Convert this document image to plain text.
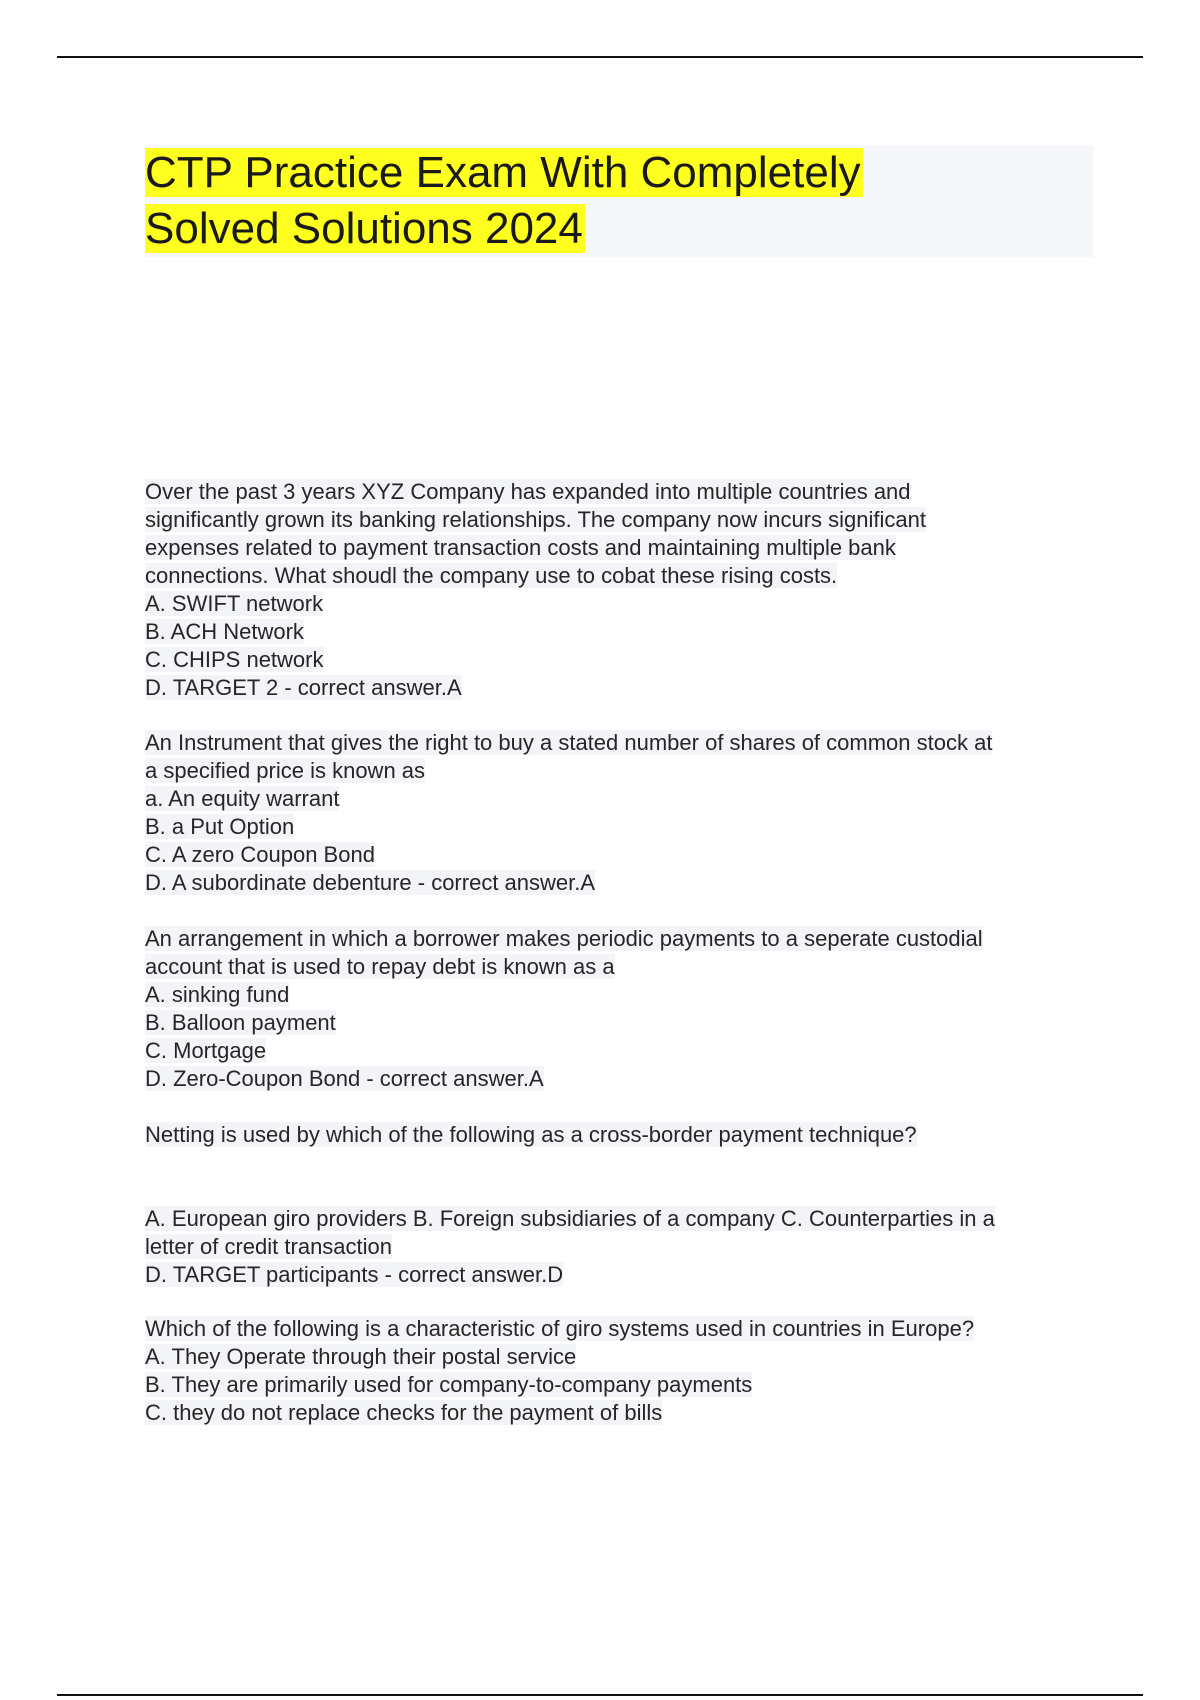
CTP Practice Exam With Completely
Solved Solutions 2024
Over the past 3 years XYZ Company has expanded into multiple countries and
significantly grown its banking relationships. The company now incurs significant
expenses related to payment transaction costs and maintaining multiple bank
connections. What shoudl the company use to cobat these rising costs.
A. SWIFT network
B. ACH Network
C. CHIPS network
D. TARGET 2 - correct answer.A
An Instrument that gives the right to buy a stated number of shares of common stock at
a specified price is known as
a. An equity warrant
B. a Put Option
C. A zero Coupon Bond
D. A subordinate debenture - correct answer.A
An arrangement in which a borrower makes periodic payments to a seperate custodial
account that is used to repay debt is known as a
A. sinking fund
B. Balloon payment
C. Mortgage
D. Zero-Coupon Bond - correct answer.A
Netting is used by which of the following as a cross-border payment technique?
A. European giro providers B. Foreign subsidiaries of a company C. Counterparties in a
letter of credit transaction
D. TARGET participants - correct answer.D
Which of the following is a characteristic of giro systems used in countries in Europe?
A. They Operate through their postal service
B. They are primarily used for company-to-company payments
C. they do not replace checks for the payment of bills
